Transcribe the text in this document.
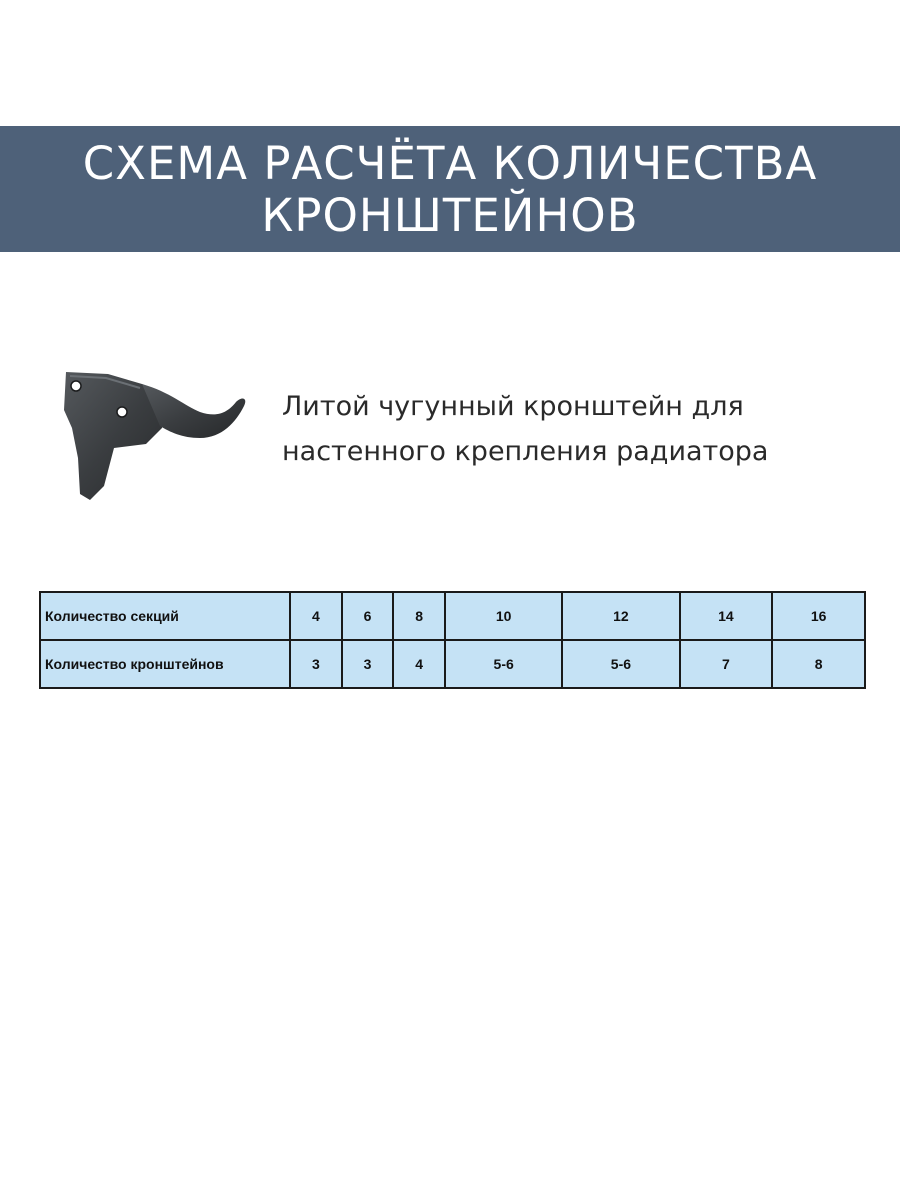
СХЕМА РАСЧЁТА КОЛИЧЕСТВА
КРОНШТЕЙНОВ
Литой чугунный кронштейн для
настенного крепления радиатора
Количество секций	4	6	8	10	12	14	16
Количество кронштейнов	3	3	4	5-6	5-6	7	8
